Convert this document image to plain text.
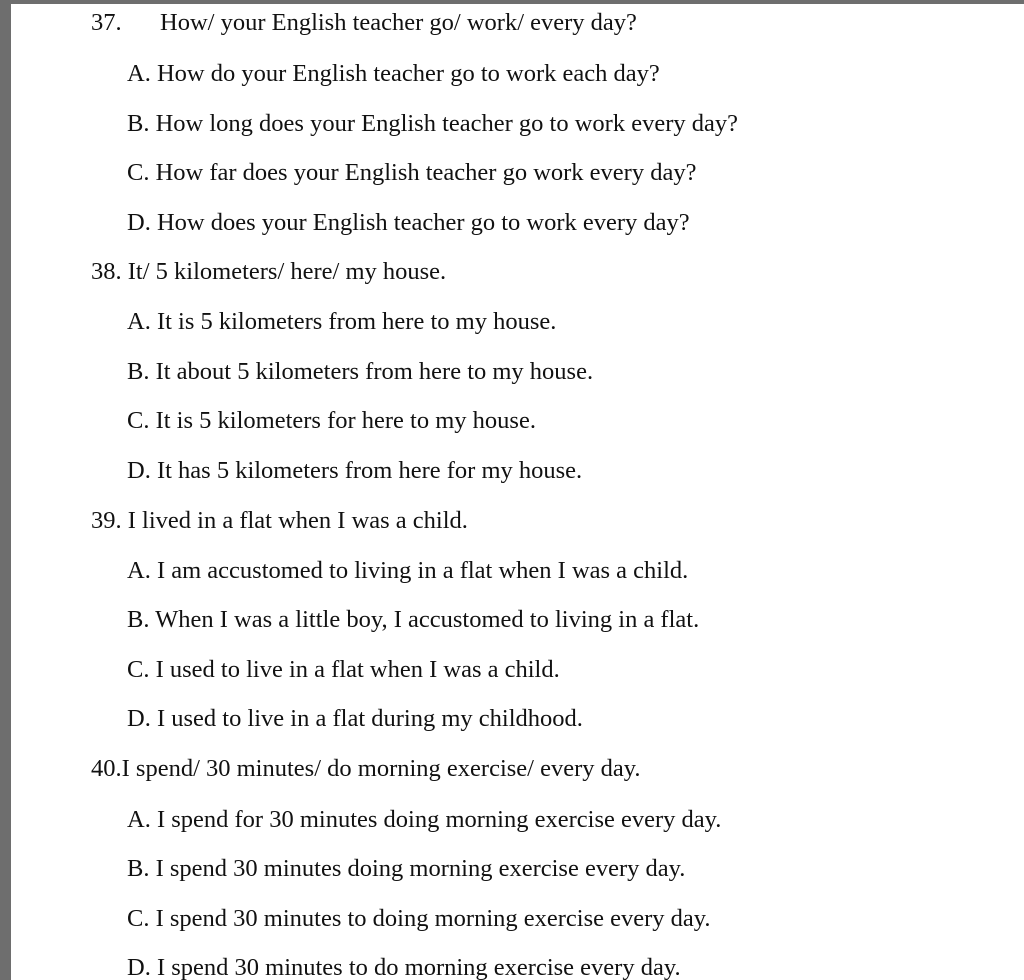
37. How/ your English teacher go/ work/ every day?
A. How do your English teacher go to work each day?
B. How long does your English teacher go to work every day?
C. How far does your English teacher go work every day?
D. How does your English teacher go to work every day?
38. It/ 5 kilometers/ here/ my house.
A. It is 5 kilometers from here to my house.
B. It about 5 kilometers from here to my house.
C. It is 5 kilometers for here to my house.
D. It has 5 kilometers from here for my house.
39. I lived in a flat when I was a child.
A. I am accustomed to living in a flat when I was a child.
B. When I was a little boy, I accustomed to living in a flat.
C. I used to live in a flat when I was a child.
D. I used to live in a flat during my childhood.
40.I spend/ 30 minutes/ do morning exercise/ every day.
A. I spend for 30 minutes doing morning exercise every day.
B. I spend 30 minutes doing morning exercise every day.
C. I spend 30 minutes to doing morning exercise every day.
D. I spend 30 minutes to do morning exercise every day.
